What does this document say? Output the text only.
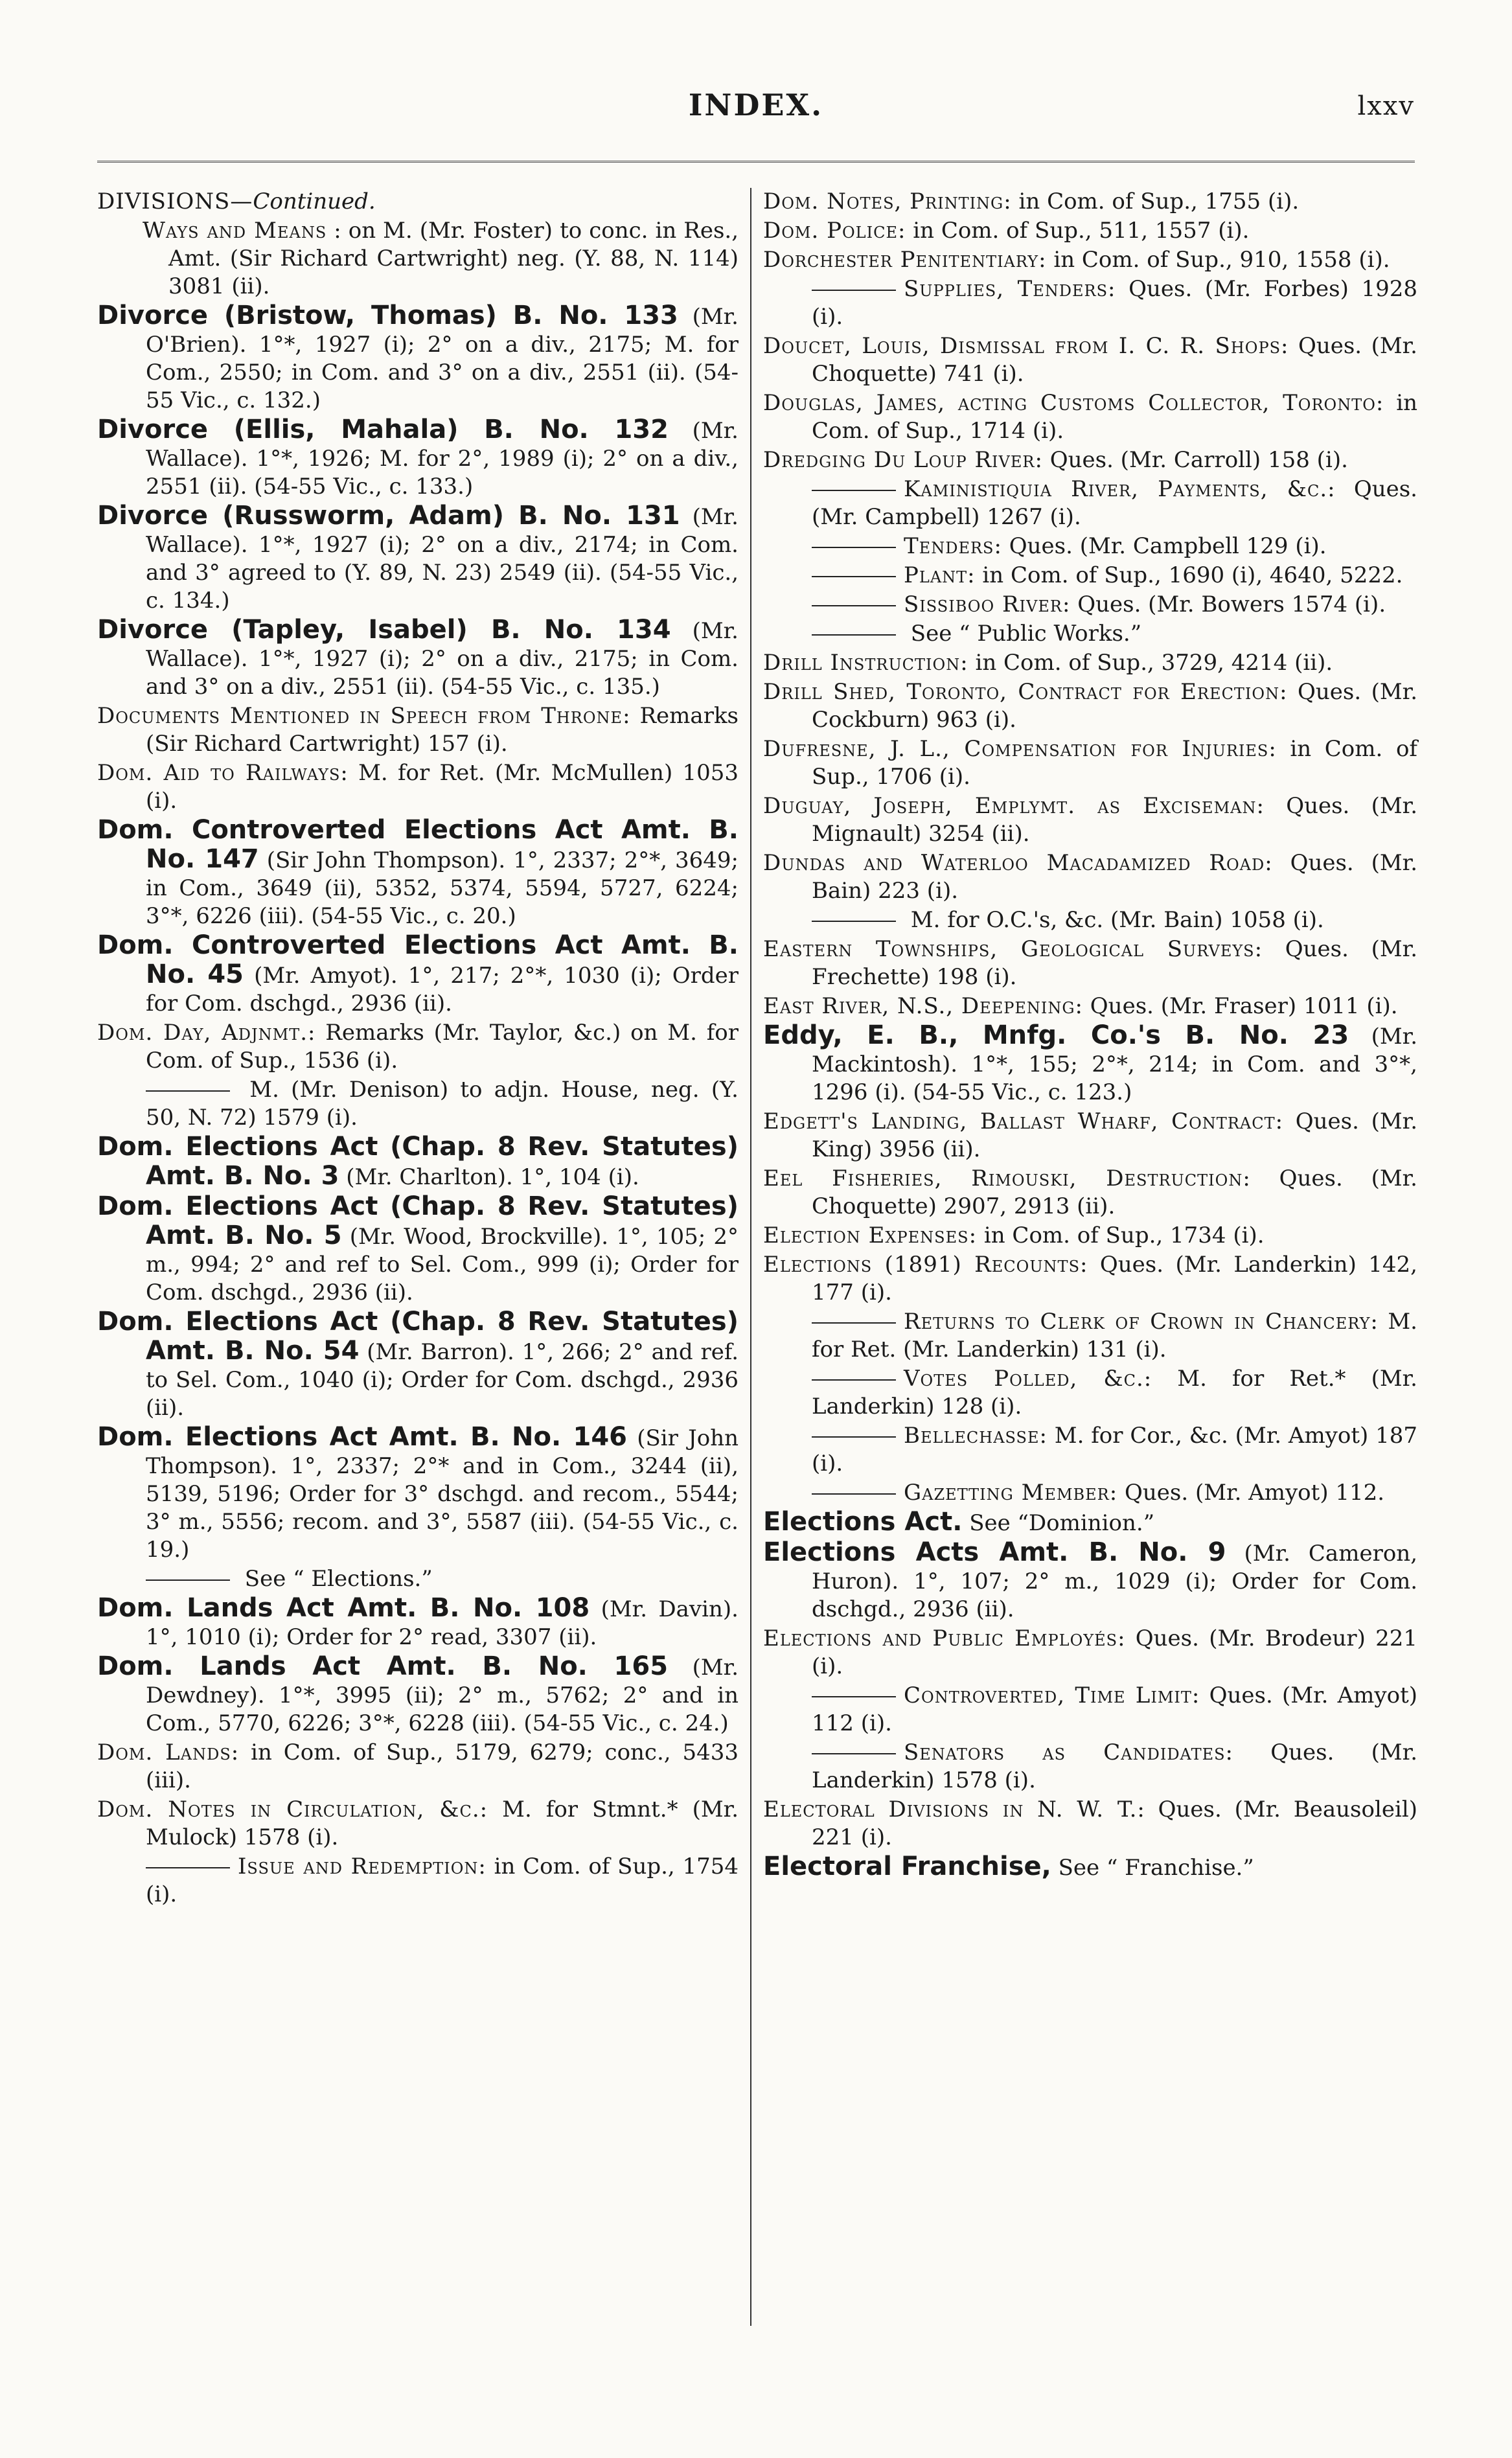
INDEX.	lxxv
DIVISIONS—Continued.
Ways and Means : on M. (Mr. Foster) to conc. in Res., Amt. (Sir Richard Cartwright) neg. (Y. 88, N. 114) 3081 (ii).
Divorce (Bristow, Thomas) B. No. 133 (Mr. O'Brien). 1°*, 1927 (i); 2° on a div., 2175; M. for Com., 2550; in Com. and 3° on a div., 2551 (ii). (54-55 Vic., c. 132.)
Divorce (Ellis, Mahala) B. No. 132 (Mr. Wallace). 1°*, 1926; M. for 2°, 1989 (i); 2° on a div., 2551 (ii). (54-55 Vic., c. 133.)
Divorce (Russworm, Adam) B. No. 131 (Mr. Wallace). 1°*, 1927 (i); 2° on a div., 2174; in Com. and 3° agreed to (Y. 89, N. 23) 2549 (ii). (54-55 Vic., c. 134.)
Divorce (Tapley, Isabel) B. No. 134 (Mr. Wallace). 1°*, 1927 (i); 2° on a div., 2175; in Com. and 3° on a div., 2551 (ii). (54-55 Vic., c. 135.)
Documents Mentioned in Speech from Throne: Remarks (Sir Richard Cartwright) 157 (i).
Dom. Aid to Railways: M. for Ret. (Mr. McMullen) 1053 (i).
Dom. Controverted Elections Act Amt. B. No. 147 (Sir John Thompson). 1°, 2337; 2°*, 3649; in Com., 3649 (ii), 5352, 5374, 5594, 5727, 6224; 3°*, 6226 (iii). (54-55 Vic., c. 20.)
Dom. Controverted Elections Act Amt. B. No. 45 (Mr. Amyot). 1°, 217; 2°*, 1030 (i); Order for Com. dschgd., 2936 (ii).
Dom. Day, Adjnmt.: Remarks (Mr. Taylor, &c.) on M. for Com. of Sup., 1536 (i).
M. (Mr. Denison) to adjn. House, neg. (Y. 50, N. 72) 1579 (i).
Dom. Elections Act (Chap. 8 Rev. Statutes) Amt. B. No. 3 (Mr. Charlton). 1°, 104 (i).
Dom. Elections Act (Chap. 8 Rev. Statutes) Amt. B. No. 5 (Mr. Wood, Brockville). 1°, 105; 2° m., 994; 2° and ref to Sel. Com., 999 (i); Order for Com. dschgd., 2936 (ii).
Dom. Elections Act (Chap. 8 Rev. Statutes) Amt. B. No. 54 (Mr. Barron). 1°, 266; 2° and ref. to Sel. Com., 1040 (i); Order for Com. dschgd., 2936 (ii).
Dom. Elections Act Amt. B. No. 146 (Sir John Thompson). 1°, 2337; 2°* and in Com., 3244 (ii), 5139, 5196; Order for 3° dschgd. and recom., 5544; 3° m., 5556; recom. and 3°, 5587 (iii). (54-55 Vic., c. 19.)
See “ Elections.”
Dom. Lands Act Amt. B. No. 108 (Mr. Davin). 1°, 1010 (i); Order for 2° read, 3307 (ii).
Dom. Lands Act Amt. B. No. 165 (Mr. Dewdney). 1°*, 3995 (ii); 2° m., 5762; 2° and in Com., 5770, 6226; 3°*, 6228 (iii). (54-55 Vic., c. 24.)
Dom. Lands: in Com. of Sup., 5179, 6279; conc., 5433 (iii).
Dom. Notes in Circulation, &c.: M. for Stmnt.* (Mr. Mulock) 1578 (i).
Issue and Redemption: in Com. of Sup., 1754 (i).
Dom. Notes, Printing: in Com. of Sup., 1755 (i).
Dom. Police: in Com. of Sup., 511, 1557 (i).
Dorchester Penitentiary: in Com. of Sup., 910, 1558 (i).
Supplies, Tenders: Ques. (Mr. Forbes) 1928 (i).
Doucet, Louis, Dismissal from I. C. R. Shops: Ques. (Mr. Choquette) 741 (i).
Douglas, James, acting Customs Collector, Toronto: in Com. of Sup., 1714 (i).
Dredging Du Loup River: Ques. (Mr. Carroll) 158 (i).
Kaministiquia River, Payments, &c.: Ques. (Mr. Campbell) 1267 (i).
Tenders: Ques. (Mr. Campbell 129 (i).
Plant: in Com. of Sup., 1690 (i), 4640, 5222.
Sissiboo River: Ques. (Mr. Bowers 1574 (i).
See “ Public Works.”
Drill Instruction: in Com. of Sup., 3729, 4214 (ii).
Drill Shed, Toronto, Contract for Erection: Ques. (Mr. Cockburn) 963 (i).
Dufresne, J. L., Compensation for Injuries: in Com. of Sup., 1706 (i).
Duguay, Joseph, Emplymt. as Exciseman: Ques. (Mr. Mignault) 3254 (ii).
Dundas and Waterloo Macadamized Road: Ques. (Mr. Bain) 223 (i).
M. for O.C.'s, &c. (Mr. Bain) 1058 (i).
Eastern Townships, Geological Surveys: Ques. (Mr. Frechette) 198 (i).
East River, N.S., Deepening: Ques. (Mr. Fraser) 1011 (i).
Eddy, E. B., Mnfg. Co.'s B. No. 23 (Mr. Mackintosh). 1°*, 155; 2°*, 214; in Com. and 3°*, 1296 (i). (54-55 Vic., c. 123.)
Edgett's Landing, Ballast Wharf, Contract: Ques. (Mr. King) 3956 (ii).
Eel Fisheries, Rimouski, Destruction: Ques. (Mr. Choquette) 2907, 2913 (ii).
Election Expenses: in Com. of Sup., 1734 (i).
Elections (1891) Recounts: Ques. (Mr. Landerkin) 142, 177 (i).
Returns to Clerk of Crown in Chancery: M. for Ret. (Mr. Landerkin) 131 (i).
Votes Polled, &c.: M. for Ret.* (Mr. Landerkin) 128 (i).
Bellechasse: M. for Cor., &c. (Mr. Amyot) 187 (i).
Gazetting Member: Ques. (Mr. Amyot) 112.
Elections Act. See “Dominion.”
Elections Acts Amt. B. No. 9 (Mr. Cameron, Huron). 1°, 107; 2° m., 1029 (i); Order for Com. dschgd., 2936 (ii).
Elections and Public Employés: Ques. (Mr. Brodeur) 221 (i).
Controverted, Time Limit: Ques. (Mr. Amyot) 112 (i).
Senators as Candidates: Ques. (Mr. Landerkin) 1578 (i).
Electoral Divisions in N. W. T.: Ques. (Mr. Beausoleil) 221 (i).
Electoral Franchise, See “ Franchise.”
